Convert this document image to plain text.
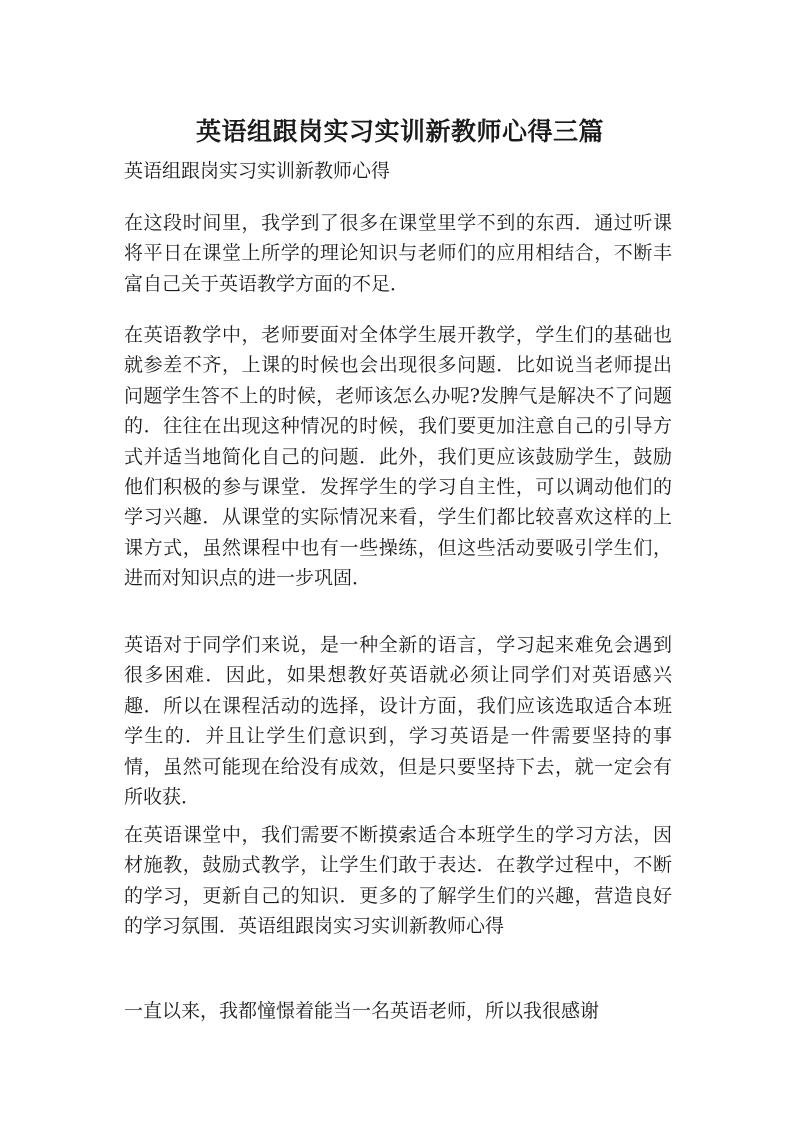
英语组跟岗实习实训新教师心得三篇

英语组跟岗实习实训新教师心得

在这段时间里，我学到了很多在课堂里学不到的东西．通过听课将平日在课堂上所学的理论知识与老师们的应用相结合，不断丰富自己关于英语教学方面的不足．

在英语教学中，老师要面对全体学生展开教学，学生们的基础也就参差不齐，上课的时候也会出现很多问题．比如说当老师提出问题学生答不上的时候，老师该怎么办呢?发脾气是解决不了问题的．往往在出现这种情况的时候，我们要更加注意自己的引导方式并适当地简化自己的问题．此外，我们更应该鼓励学生，鼓励他们积极的参与课堂．发挥学生的学习自主性，可以调动他们的学习兴趣．从课堂的实际情况来看，学生们都比较喜欢这样的上课方式，虽然课程中也有一些操练，但这些活动要吸引学生们，进而对知识点的进一步巩固．

英语对于同学们来说，是一种全新的语言，学习起来难免会遇到很多困难．因此，如果想教好英语就必须让同学们对英语感兴趣．所以在课程活动的选择，设计方面，我们应该选取适合本班学生的．并且让学生们意识到，学习英语是一件需要坚持的事情，虽然可能现在给没有成效，但是只要坚持下去，就一定会有所收获．

在英语课堂中，我们需要不断摸索适合本班学生的学习方法，因材施教，鼓励式教学，让学生们敢于表达．在教学过程中，不断的学习，更新自己的知识．更多的了解学生们的兴趣，营造良好的学习氛围．英语组跟岗实习实训新教师心得

一直以来，我都憧憬着能当一名英语老师，所以我很感谢
